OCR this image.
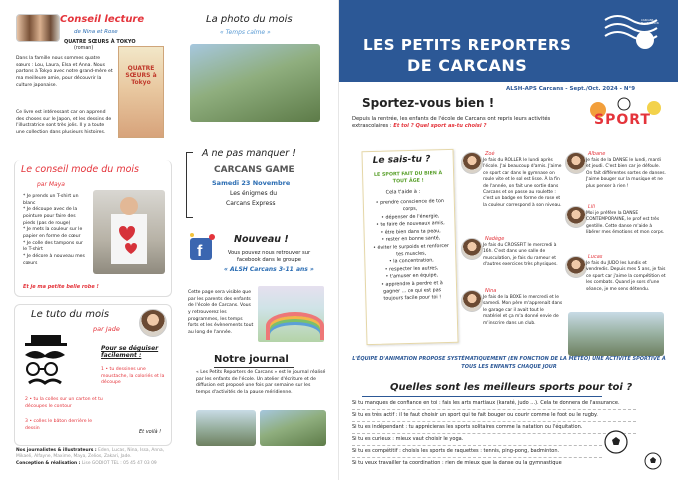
Conseil lecture
de Nina et Rose
QUATRE SŒURS À TOKYO
(roman)
Dans la famille nous sommes quatre sœurs : Lou, Laura, Elsa et Anna. Nous partons à Tokyo avec notre grand-mère et ma meilleure amie, pour découvrir la culture japonaise.
Ce livre est intéressant car on apprend des choses sur le Japon, et les dessins de l'illustratrice sont très jolis. Il y a toute une collection dans plusieurs histoires.
QUATRE SŒURS à Tokyo
La photo du mois
« Temps calme »
Le conseil mode du mois
par Maya
* Je prends un T-shirt un blanc
* Je découpe avec de la pointure pour faire des pieds (pas de rouge)
* Je mets la couleur sur le papier en forme de cœur
* Je colle des tampons sur le T-shirt
* Je décore à nouveau mes cœurs
Et je ma petite belle robe !
Le tuto du mois
par Jade
Pour se déguiser facilement :
1 • tu dessines une moustache, la coloriés et la découpe
2 • tu la colles sur un carton et tu découpes le contour
3 • colles le bâton derrière le dessin
Et voilà !
Nos journalistes & illustrateurs : Eden, Lucas, Nina, Issa, Anna, Mikaeli, Alfayne, Maxime, Maya, Zelios, Zakari, Jade.
Conception & réalisation : Lise GODIOT TEL : 05 45 47 03 09
A ne pas manquer !
CARCANS GAME
Samedi 23 Novembre
Les énigmes du
Carcans Express
f
Nouveau !
Vous pouvez nous retrouver sur facebook dans le groupe
« ALSH Carcans 3-11 ans »
Cette page sera visible que par les parents des enfants de l'école de Carcans. Vous y retrouverez les programmes, les temps forts et les évènements tout au long de l'année.
Notre journal
« Les Petits Reporters de Carcans » est le journal réalisé par les enfants de l'école. Un atelier d'écriture et de diffusion est proposé une fois par semaine sur les temps d'activités de la pause méridienne.
LES PETITS REPORTERS
DE CARCANS
CARCANS MAUBUISSON
ALSH-APS Carcans - Sept./Oct. 2024 - N°9
Sportez-vous bien !
Depuis la rentrée, les enfants de l'école de Carcans ont repris leurs activités extrascolaires : Et toi ? Quel sport as-tu choisi ?	SPORT
Le sais-tu ?
LE SPORT FAIT DU BIEN À TOUT ÂGE !
Cela t'aide à :
• prendre conscience de ton corps,
• dépenser de l'énergie,
• te faire de nouveaux amis,
• être bien dans ta peau,
• rester en bonne santé,
• éviter le surpoids et renforcer tes muscles,
• la concentration,
• respecter les autres,
• t'amuser en équipe,
• apprendre à perdre et à gagner ... ce qui est pas toujours facile pour toi !
Zoé
Je fais du ROLLER le lundi après l'école. J'ai beaucoup d'amis. J'aime ce sport car dans le gymnase on roule vite et le sol est lisse. À la fin de l'année, on fait une sortie dans Carcans et on passe au roulette : c'est un badge en forme de rose et la couleur correspond à son niveau.
Nadège
Je fais du CROSSFIT le mercredi à 16h. C'est dans une salle de musculation, je fais du rameur et d'autres exercices très physiques.
Nina
Je fais de la BOXE le mercredi et le samedi. Mon père m'apprenait dans le garage car il avait tout le matériel et ça m'a donné envie de m'inscrire dans un club.
Albane
Je fais de la DANSE le lundi, mardi et jeudi. C'est bien car je défoule. On fait différentes sortes de danses. J'aime bouger sur la musique et ne plus penser à rien !
Lili
Moi je préfère la DANSE CONTEMPORAINE, le prof est très gentille. Cette danse m'aide à libérer mes émotions et mon corps.
Lucas
Je fais du JUDO les lundis et vendredis. Depuis mes 5 ans, je fais ce sport car j'aime la compétition et les combats. Quand je sors d'une séance, je me sens détendu.
L'ÉQUIPE D'ANIMATION PROPOSE SYSTÉMATIQUEMENT (EN FONCTION DE LA MÉTÉO) UNE ACTIVITÉ SPORTIVE À TOUS LES ENFANTS CHAQUE JOUR
Quelles sont les meilleurs sports pour toi ?
Si tu manques de confiance en toi : fais les arts martiaux (karaté, judo ...). Cela te donnera de l'assurance.
Si tu es très actif : il te faut choisir un sport qui te fait bouger ou courir comme le foot ou le rugby.
Si tu es indépendant : tu apprécieras les sports solitaires comme la natation ou l'équitation.
Si tu es curieux : mieux vaut choisir le yoga.
Si tu es compétitif : choisis les sports de raquettes : tennis, ping-pong, badminton.
Si tu veux travailler ta coordination : rien de mieux que la danse ou la gymnastique
